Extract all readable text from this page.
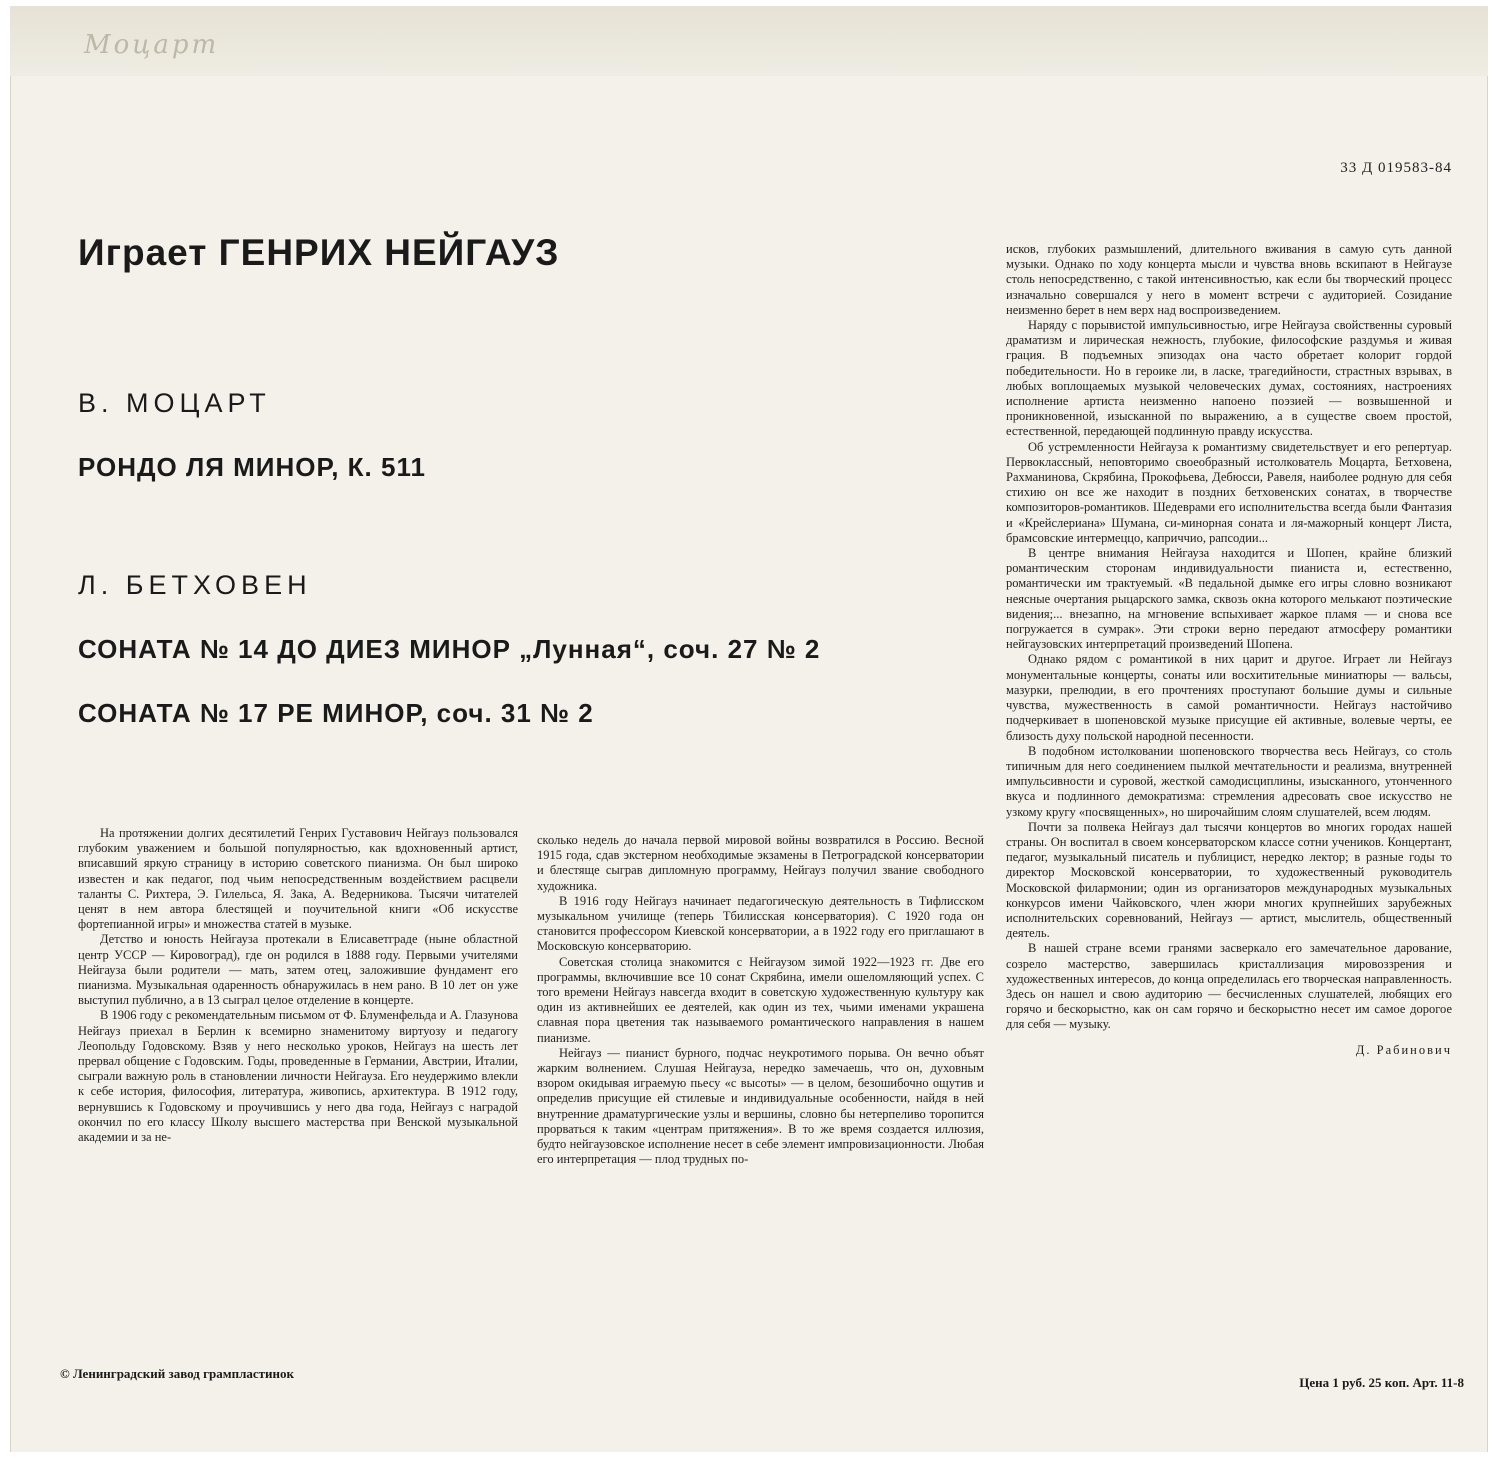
Моцарт
33 Д 019583-84
Играет ГЕНРИХ НЕЙГАУЗ
В. МОЦАРТ
РОНДО ЛЯ МИНОР, К. 511
Л. БЕТХОВЕН
СОНАТА № 14 ДО ДИЕЗ МИНОР „Лунная“, соч. 27 № 2
СОНАТА № 17 РЕ МИНОР, соч. 31 № 2

На протяжении долгих десятилетий Генрих Густавович Нейгауз пользовался глубоким уважением и большой популярностью, как вдохновенный артист, вписавший яркую страницу в историю советского пианизма. Он был широко известен и как педагог, под чьим непосредственным воздействием расцвели таланты С. Рихтера, Э. Гилельса, Я. Зака, А. Ведерникова. Тысячи читателей ценят в нем автора блестящей и поучительной книги «Об искусстве фортепианной игры» и множества статей в музыке.

Детство и юность Нейгауза протекали в Елисаветграде (ныне областной центр УССР — Кировоград), где он родился в 1888 году. Первыми учителями Нейгауза были родители — мать, затем отец, заложившие фундамент его пианизма. Музыкальная одаренность обнаружилась в нем рано. В 10 лет он уже выступил публично, а в 13 сыграл целое отделение в концерте.

В 1906 году с рекомендательным письмом от Ф. Блуменфельда и А. Глазунова Нейгауз приехал в Берлин к всемирно знаменитому виртуозу и педагогу Леопольду Годовскому. Взяв у него несколько уроков, Нейгауз на шесть лет прервал общение с Годовским. Годы, проведенные в Германии, Австрии, Италии, сыграли важную роль в становлении личности Нейгауза. Его неудержимо влекли к себе история, философия, литература, живопись, архитектура. В 1912 году, вернувшись к Годовскому и проучившись у него два года, Нейгауз с наградой окончил по его классу Школу высшего мастерства при Венской музыкальной академии и за не-

сколько недель до начала первой мировой войны возвратился в Россию. Весной 1915 года, сдав экстерном необходимые экзамены в Петроградской консерватории и блестяще сыграв дипломную программу, Нейгауз получил звание свободного художника.

В 1916 году Нейгауз начинает педагогическую деятельность в Тифлисском музыкальном училище (теперь Тбилисская консерватория). С 1920 года он становится профессором Киевской консерватории, а в 1922 году его приглашают в Московскую консерваторию.

Советская столица знакомится с Нейгаузом зимой 1922—1923 гг. Две его программы, включившие все 10 сонат Скрябина, имели ошеломляющий успех. С того времени Нейгауз навсегда входит в советскую художественную культуру как один из активнейших ее деятелей, как один из тех, чьими именами украшена славная пора цветения так называемого романтического направления в нашем пианизме.

Нейгауз — пианист бурного, подчас неукротимого порыва. Он вечно объят жарким волнением. Слушая Нейгауза, нередко замечаешь, что он, духовным взором окидывая играемую пьесу «с высоты» — в целом, безошибочно ощутив и определив присущие ей стилевые и индивидуальные особенности, найдя в ней внутренние драматургические узлы и вершины, словно бы нетерпеливо торопится прорваться к таким «центрам притяжения». В то же время создается иллюзия, будто нейгаузовское исполнение несет в себе элемент импровизационности. Любая его интерпретация — плод трудных по-

исков, глубоких размышлений, длительного вживания в самую суть данной музыки. Однако по ходу концерта мысли и чувства вновь вскипают в Нейгаузе столь непосредственно, с такой интенсивностью, как если бы творческий процесс изначально совершался у него в момент встречи с аудиторией. Созидание неизменно берет в нем верх над воспроизведением.

Наряду с порывистой импульсивностью, игре Нейгауза свойственны суровый драматизм и лирическая нежность, глубокие, философские раздумья и живая грация. В подъемных эпизодах она часто обретает колорит гордой победительности. Но в героике ли, в ласке, трагедийности, страстных взрывах, в любых воплощаемых музыкой человеческих думах, состояниях, настроениях исполнение артиста неизменно напоено поэзией — возвышенной и проникновенной, изысканной по выражению, а в существе своем простой, естественной, передающей подлинную правду искусства.

Об устремленности Нейгауза к романтизму свидетельствует и его репертуар. Первоклассный, неповторимо своеобразный истолкователь Моцарта, Бетховена, Рахманинова, Скрябина, Прокофьева, Дебюсси, Равеля, наиболее родную для себя стихию он все же находит в поздних бетховенских сонатах, в творчестве композиторов-романтиков. Шедеврами его исполнительства всегда были Фантазия и «Крейслериана» Шумана, си-минорная соната и ля-мажорный концерт Листа, брамсовские интермеццо, каприччио, рапсодии...

В центре внимания Нейгауза находится и Шопен, крайне близкий романтическим сторонам индивидуальности пианиста и, естественно, романтически им трактуемый. «В педальной дымке его игры словно возникают неясные очертания рыцарского замка, сквозь окна которого мелькают поэтические видения;... внезапно, на мгновение вспыхивает жаркое пламя — и снова все погружается в сумрак». Эти строки верно передают атмосферу романтики нейгаузовских интерпретаций произведений Шопена.

Однако рядом с романтикой в них царит и другое. Играет ли Нейгауз монументальные концерты, сонаты или восхитительные миниатюры — вальсы, мазурки, прелюдии, в его прочтениях проступают большие думы и сильные чувства, мужественность в самой романтичности. Нейгауз настойчиво подчеркивает в шопеновской музыке присущие ей активные, волевые черты, ее близость духу польской народной песенности.

В подобном истолковании шопеновского творчества весь Нейгауз, со столь типичным для него соединением пылкой мечтательности и реализма, внутренней импульсивности и суровой, жесткой самодисциплины, изысканного, утонченного вкуса и подлинного демократизма: стремления адресовать свое искусство не узкому кругу «посвященных», но широчайшим слоям слушателей, всем людям.

Почти за полвека Нейгауз дал тысячи концертов во многих городах нашей страны. Он воспитал в своем консерваторском классе сотни учеников. Концертант, педагог, музыкальный писатель и публицист, нередко лектор; в разные годы то директор Московской консерватории, то художественный руководитель Московской филармонии; один из организаторов международных музыкальных конкурсов имени Чайковского, член жюри многих крупнейших зарубежных исполнительских соревнований, Нейгауз — артист, мыслитель, общественный деятель.

В нашей стране всеми гранями засверкало его замечательное дарование, созрело мастерство, завершилась кристаллизация мировоззрения и художественных интересов, до конца определилась его творческая направленность. Здесь он нашел и свою аудиторию — бесчисленных слушателей, любящих его горячо и бескорыстно, как он сам горячо и бескорыстно несет им самое дорогое для себя — музыку.

Д. Рабинович
© Ленинградский завод грампластинок
Цена 1 руб. 25 коп. Арт. 11-8
